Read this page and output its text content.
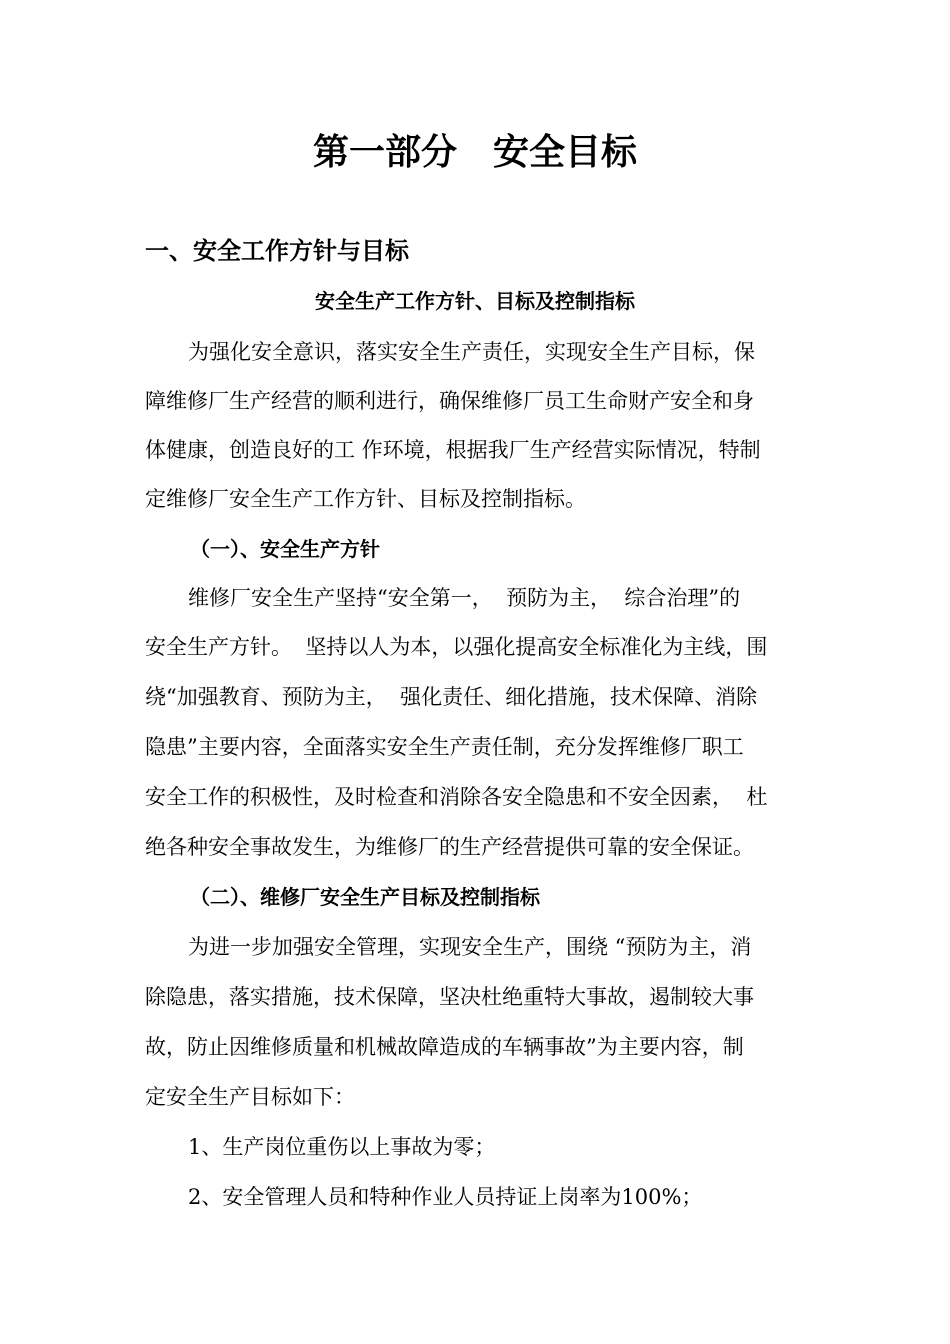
第一部分　安全目标
一、安全工作方针与目标
安全生产工作方针、目标及控制指标
为强化安全意识，落实安全生产责任，实现安全生产目标，保
障维修厂生产经营的顺利进行，确保维修厂员工生命财产安全和身
体健康，创造良好的工 作环境，根据我厂生产经营实际情况，特制
定维修厂安全生产工作方针、目标及控制指标。
（一）、安全生产方针
维修厂安全生产坚持“安全第一，  预防为主，  综合治理”的
安全生产方针。  坚持以人为本，以强化提高安全标准化为主线，围
绕“加强教育、预防为主，  强化责任、细化措施，技术保障、消除
隐患”主要内容，全面落实安全生产责任制，充分发挥维修厂职工
安全工作的积极性，及时检查和消除各安全隐患和不安全因素，  杜
绝各种安全事故发生，为维修厂的生产经营提供可靠的安全保证。
（二）、维修厂安全生产目标及控制指标
为进一步加强安全管理，实现安全生产，围绕 “预防为主，消
除隐患，落实措施，技术保障，坚决杜绝重特大事故，遏制较大事
故，防止因维修质量和机械故障造成的车辆事故”为主要内容，制
定安全生产目标如下：
1、生产岗位重伤以上事故为零；
2、安全管理人员和特种作业人员持证上岗率为100%；
